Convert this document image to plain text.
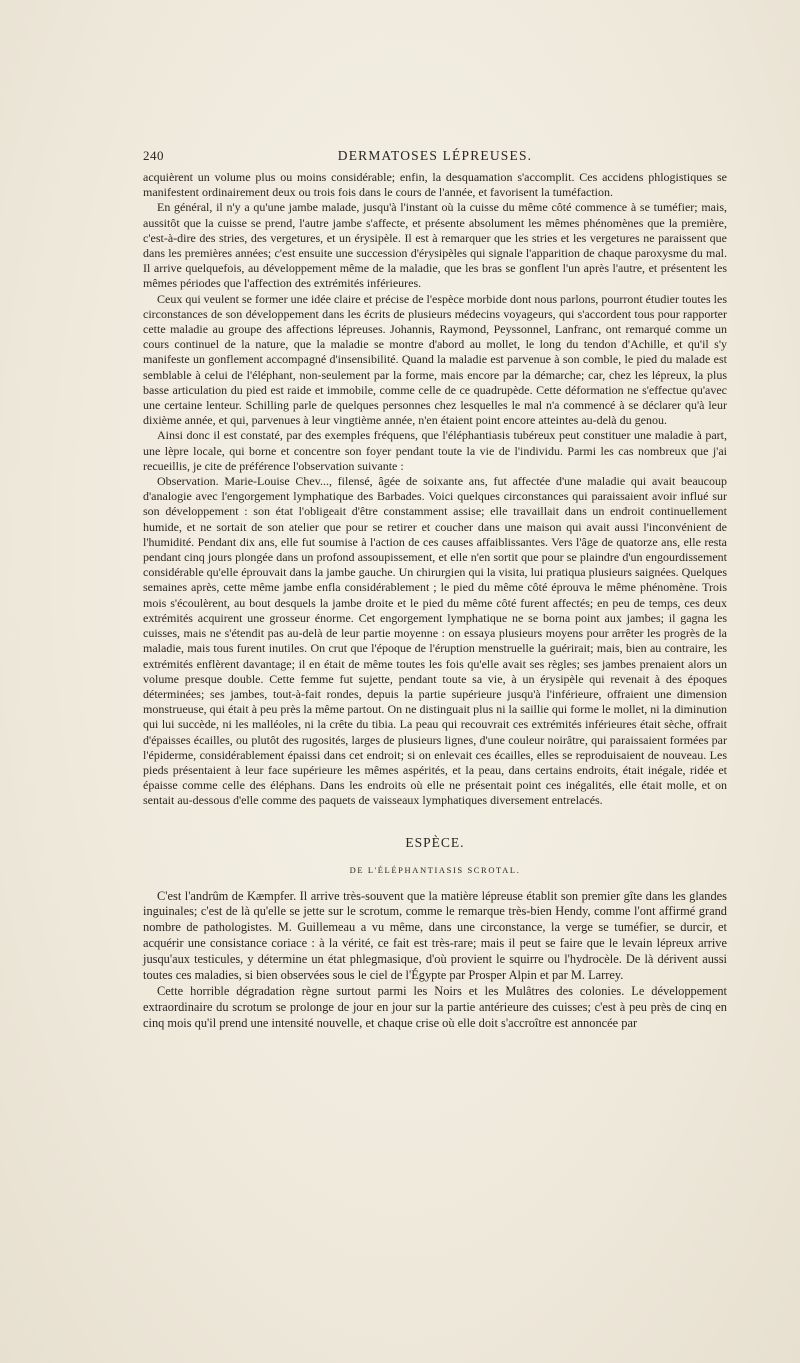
240	DERMATOSES LÉPREUSES.

acquièrent un volume plus ou moins considérable; enfin, la desquamation s'accomplit. Ces accidens phlogistiques se manifestent ordinairement deux ou trois fois dans le cours de l'année, et favorisent la tuméfaction.

En général, il n'y a qu'une jambe malade, jusqu'à l'instant où la cuisse du même côté commence à se tuméfier; mais, aussitôt que la cuisse se prend, l'autre jambe s'affecte, et présente absolument les mêmes phénomènes que la première, c'est-à-dire des stries, des vergetures, et un érysipèle. Il est à remarquer que les stries et les vergetures ne paraissent que dans les premières années; c'est ensuite une succession d'érysipèles qui signale l'apparition de chaque paroxysme du mal. Il arrive quelquefois, au développement même de la maladie, que les bras se gonflent l'un après l'autre, et présentent les mêmes périodes que l'affection des extrémités inférieures.

Ceux qui veulent se former une idée claire et précise de l'espèce morbide dont nous parlons, pourront étudier toutes les circonstances de son développement dans les écrits de plusieurs médecins voyageurs, qui s'accordent tous pour rapporter cette maladie au groupe des affections lépreuses. Johannis, Raymond, Peyssonnel, Lanfranc, ont remarqué comme un cours continuel de la nature, que la maladie se montre d'abord au mollet, le long du tendon d'Achille, et qu'il s'y manifeste un gonflement accompagné d'insensibilité. Quand la maladie est parvenue à son comble, le pied du malade est semblable à celui de l'éléphant, non-seulement par la forme, mais encore par la démarche; car, chez les lépreux, la plus basse articulation du pied est raide et immobile, comme celle de ce quadrupède. Cette déformation ne s'effectue qu'avec une certaine lenteur. Schilling parle de quelques personnes chez lesquelles le mal n'a commencé à se déclarer qu'à leur dixième année, et qui, parvenues à leur vingtième année, n'en étaient point encore atteintes au-delà du genou.

Ainsi donc il est constaté, par des exemples fréquens, que l'éléphantiasis tubéreux peut constituer une maladie à part, une lèpre locale, qui borne et concentre son foyer pendant toute la vie de l'individu. Parmi les cas nombreux que j'ai recueillis, je cite de préférence l'observation suivante :

Observation. Marie-Louise Chev..., filensé, âgée de soixante ans, fut affectée d'une maladie qui avait beaucoup d'analogie avec l'engorgement lymphatique des Barbades. Voici quelques circonstances qui paraissaient avoir influé sur son développement : son état l'obligeait d'être constamment assise; elle travaillait dans un endroit continuellement humide, et ne sortait de son atelier que pour se retirer et coucher dans une maison qui avait aussi l'inconvénient de l'humidité. Pendant dix ans, elle fut soumise à l'action de ces causes affaiblissantes. Vers l'âge de quatorze ans, elle resta pendant cinq jours plongée dans un profond assoupissement, et elle n'en sortit que pour se plaindre d'un engourdissement considérable qu'elle éprouvait dans la jambe gauche. Un chirurgien qui la visita, lui pratiqua plusieurs saignées. Quelques semaines après, cette même jambe enfla considérablement ; le pied du même côté éprouva le même phénomène. Trois mois s'écoulèrent, au bout desquels la jambe droite et le pied du même côté furent affectés; en peu de temps, ces deux extrémités acquirent une grosseur énorme. Cet engorgement lymphatique ne se borna point aux jambes; il gagna les cuisses, mais ne s'étendit pas au-delà de leur partie moyenne : on essaya plusieurs moyens pour arrêter les progrès de la maladie, mais tous furent inutiles. On crut que l'époque de l'éruption menstruelle la guérirait; mais, bien au contraire, les extrémités enflèrent davantage; il en était de même toutes les fois qu'elle avait ses règles; ses jambes prenaient alors un volume presque double. Cette femme fut sujette, pendant toute sa vie, à un érysipèle qui revenait à des époques déterminées; ses jambes, tout-à-fait rondes, depuis la partie supérieure jusqu'à l'inférieure, offraient une dimension monstrueuse, qui était à peu près la même partout. On ne distinguait plus ni la saillie qui forme le mollet, ni la diminution qui lui succède, ni les malléoles, ni la crête du tibia. La peau qui recouvrait ces extrémités inférieures était sèche, offrait d'épaisses écailles, ou plutôt des rugosités, larges de plusieurs lignes, d'une couleur noirâtre, qui paraissaient formées par l'épiderme, considérablement épaissi dans cet endroit; si on enlevait ces écailles, elles se reproduisaient de nouveau. Les pieds présentaient à leur face supérieure les mêmes aspérités, et la peau, dans certains endroits, était inégale, ridée et épaisse comme celle des éléphans. Dans les endroits où elle ne présentait point ces inégalités, elle était molle, et on sentait au-dessous d'elle comme des paquets de vaisseaux lymphatiques diversement entrelacés.

ESPÈCE.
DE L'ÉLÉPHANTIASIS SCROTAL.

C'est l'andrûm de Kæmpfer. Il arrive très-souvent que la matière lépreuse établit son premier gîte dans les glandes inguinales; c'est de là qu'elle se jette sur le scrotum, comme le remarque très-bien Hendy, comme l'ont affirmé grand nombre de pathologistes. M. Guillemeau a vu même, dans une circonstance, la verge se tuméfier, se durcir, et acquérir une consistance coriace : à la vérité, ce fait est très-rare; mais il peut se faire que le levain lépreux arrive jusqu'aux testicules, y détermine un état phlegmasique, d'où provient le squirre ou l'hydrocèle. De là dérivent aussi toutes ces maladies, si bien observées sous le ciel de l'Égypte par Prosper Alpin et par M. Larrey.

Cette horrible dégradation règne surtout parmi les Noirs et les Mulâtres des colonies. Le développement extraordinaire du scrotum se prolonge de jour en jour sur la partie antérieure des cuisses; c'est à peu près de cinq en cinq mois qu'il prend une intensité nouvelle, et chaque crise où elle doit s'accroître est annoncée par
